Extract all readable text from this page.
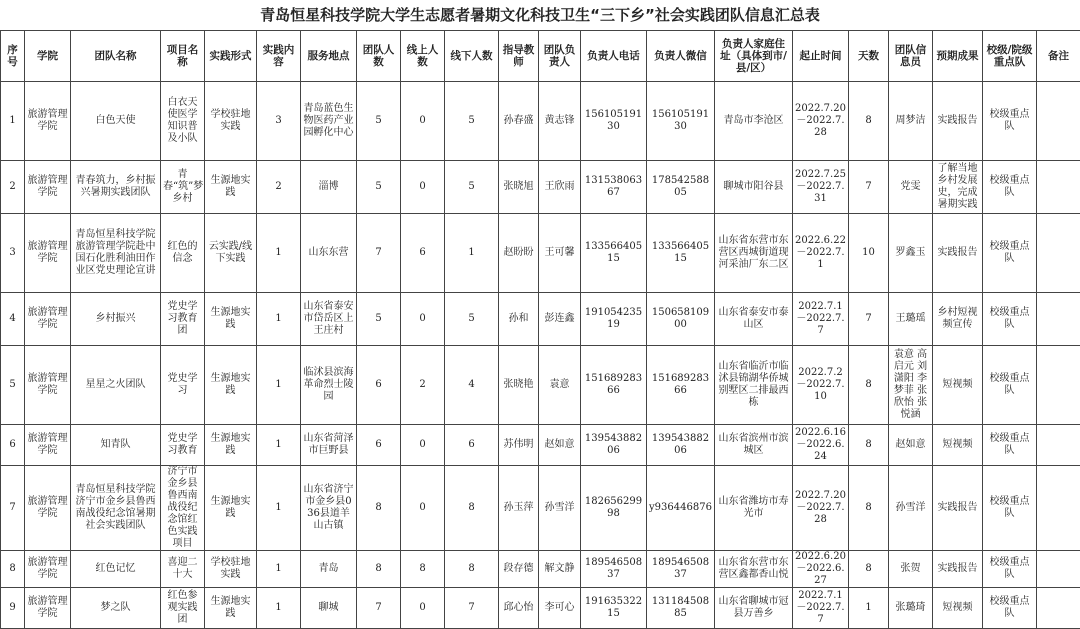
青岛恒星科技学院大学生志愿者暑期文化科技卫生“三下乡”社会实践团队信息汇总表
序号	学院	团队名称	项目名称	实践形式	实践内容	服务地点	团队人数	线上人数	线下人数	指导教师	团队负责人	负责人电话	负责人微信	负责人家庭住址（具体到市/县/区）	起止时间	天数	团队信息员	预期成果	校级/院级重点队	备注
1	旅游管理学院	白色天使	白衣天使医学知识普及小队	学校驻地实践	3	青岛蓝色生物医药产业园孵化中心	5	0	5	孙春盛	黄志锋	15610519130	15610519130	青岛市李沧区	2022.7.20－2022.7.28	8	周梦洁	实践报告	校级重点队	
2	旅游管理学院	青春筑力，乡村振兴暑期实践团队	青春“筑”梦乡村	生源地实践	2	淄博	5	0	5	张晓旭	王欣雨	13153806367	17854258805	聊城市阳谷县	2022.7.25－2022.7.31	7	党雯	了解当地乡村发展史，完成暑期实践	校级重点队	
3	旅游管理学院	青岛恒星科技学院旅游管理学院赴中国石化胜利油田作业区党史理论宣讲	红色的信念	云实践/线下实践	1	山东东营	7	6	1	赵盼盼	王可馨	13356640515	13356640515	山东省东营市东营区西城街道现河采油厂东二区	2022.6.22－2022.7.1	10	罗鑫玉	实践报告	校级重点队	
4	旅游管理学院	乡村振兴	党史学习教育团	生源地实践	1	山东省泰安市岱岳区上王庄村	5	0	5	孙和	彭连鑫	19105423519	15065810900	山东省泰安市泰山区	2022.7.1－2022.7.7	7	王璐瑶	乡村短视频宣传	校级重点队	
5	旅游管理学院	星星之火团队	党史学习	生源地实践	1	临沭县滨海革命烈士陵园	6	2	4	张晓艳	袁意	15168928366	15168928366	山东省临沂市临沭县锦湖华侨城别墅区二排最西栋	2022.7.2－2022.7.10	8	袁意 高启元 刘潇阳 李梦菲 张欣怡 张悦涵	短视频	校级重点队	
6	旅游管理学院	知青队	党史学习教育	生源地实践	1	山东省菏泽市巨野县	6	0	6	苏伟明	赵如意	13954388206	13954388206	山东省滨州市滨城区	2022.6.16－2022.6.24	8	赵如意	短视频	校级重点队	
7	旅游管理学院	青岛恒星科技学院济宁市金乡县鲁西南战役纪念馆暑期社会实践团队	济宁市金乡县鲁西南战役纪念馆红色实践项目	生源地实践	1	山东省济宁市金乡县036县道羊山古镇	8	0	8	孙玉萍	孙雪洋	18265629998	y936446876	山东省潍坊市寿光市	2022.7.20－2022.7.28	8	孙雪洋	实践报告	校级重点队	
8	旅游管理学院	红色记忆	喜迎二十大	学校驻地实践	1	青岛	8	8	8	段存德	解文静	18954650837	18954650837	山东省东营市东营区鑫都香山悦	2022.6.20－2022.6.27	8	张贺	实践报告	校级重点队	
9	旅游管理学院	梦之队	红色参观实践团	生源地实践	1	聊城	7	0	7	邱心怡	李可心	19163532215	13118450885	山东省聊城市冠县万善乡	2022.7.1－2022.7.7	1	张璐琦	短视频	校级重点队	
